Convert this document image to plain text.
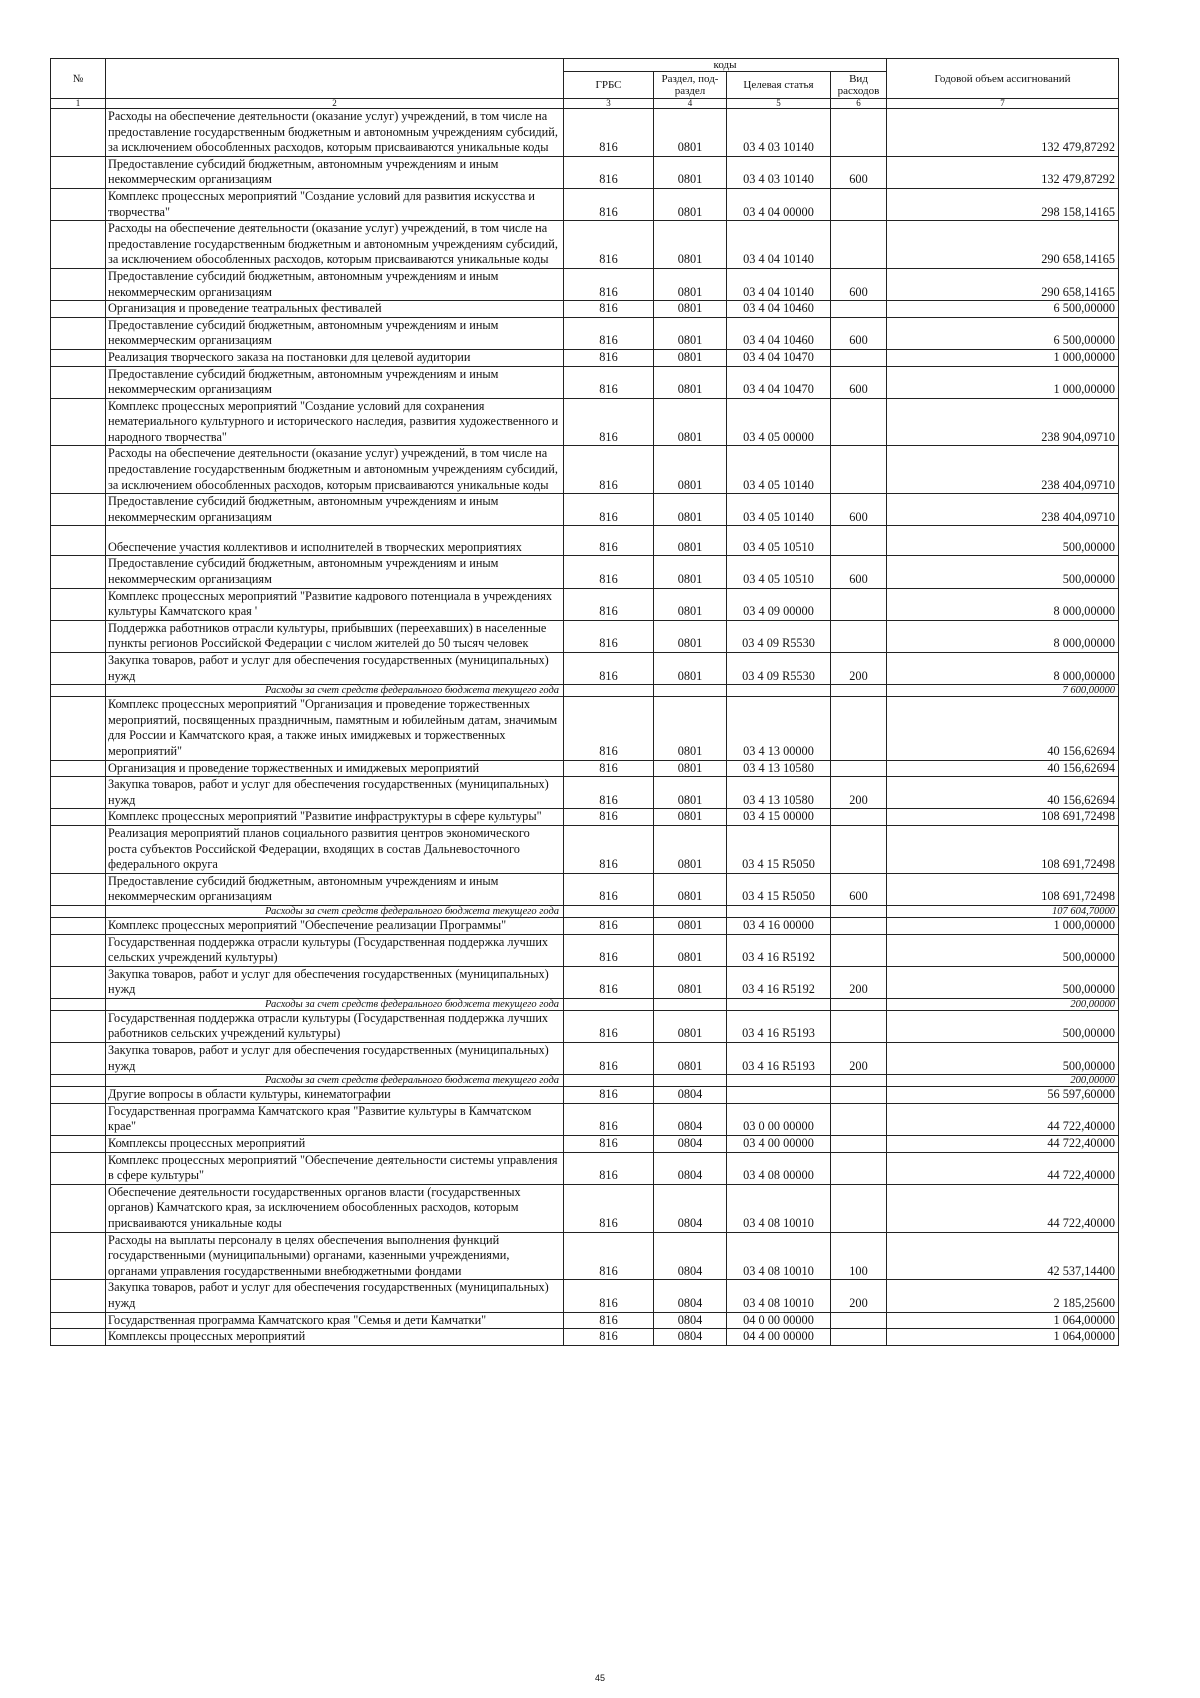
№		коды				Годовой объем ассигнований
		ГРБС	Раздел, под-раздел	Целевая статья	Вид расходов	
1	2	3	4	5	6	7
	Расходы на обеспечение деятельности (оказание услуг) учреждений, в том числе на предоставление государственным бюджетным и автономным учреждениям субсидий, за исключением обособленных расходов, которым присваиваются уникальные коды	816	0801	03 4 03 10140		132 479,87292
	Предоставление субсидий бюджетным, автономным учреждениям и иным некоммерческим организациям	816	0801	03 4 03 10140	600	132 479,87292
	Комплекс процессных мероприятий "Создание условий для развития искусства и творчества"	816	0801	03 4 04 00000		298 158,14165
	Расходы на обеспечение деятельности (оказание услуг) учреждений, в том числе на предоставление государственным бюджетным и автономным учреждениям субсидий, за исключением обособленных расходов, которым присваиваются уникальные коды	816	0801	03 4 04 10140		290 658,14165
	Предоставление субсидий бюджетным, автономным учреждениям и иным некоммерческим организациям	816	0801	03 4 04 10140	600	290 658,14165
	Организация и проведение театральных фестивалей	816	0801	03 4 04 10460		6 500,00000
	Предоставление субсидий бюджетным, автономным учреждениям и иным некоммерческим организациям	816	0801	03 4 04 10460	600	6 500,00000
	Реализация творческого заказа на постановки для целевой аудитории	816	0801	03 4 04 10470		1 000,00000
	Предоставление субсидий бюджетным, автономным учреждениям и иным некоммерческим организациям	816	0801	03 4 04 10470	600	1 000,00000
	Комплекс процессных мероприятий "Создание условий для сохранения нематериального культурного и исторического наследия, развития художественного и народного творчества"	816	0801	03 4 05 00000		238 904,09710
	Расходы на обеспечение деятельности (оказание услуг) учреждений, в том числе на предоставление государственным бюджетным и автономным учреждениям субсидий, за исключением обособленных расходов, которым присваиваются уникальные коды	816	0801	03 4 05 10140		238 404,09710
	Предоставление субсидий бюджетным, автономным учреждениям и иным некоммерческим организациям	816	0801	03 4 05 10140	600	238 404,09710
	Обеспечение участия коллективов и исполнителей в творческих мероприятиях	816	0801	03 4 05 10510		500,00000
	Предоставление субсидий бюджетным, автономным учреждениям и иным некоммерческим организациям	816	0801	03 4 05 10510	600	500,00000
	Комплекс процессных мероприятий "Развитие кадрового потенциала в учреждениях культуры Камчатского края '	816	0801	03 4 09 00000		8 000,00000
	Поддержка работников отрасли культуры, прибывших (переехавших) в населенные пункты регионов Российской Федерации с числом жителей до 50 тысяч человек	816	0801	03 4 09 R5530		8 000,00000
	Закупка товаров, работ и услуг для обеспечения государственных (муниципальных) нужд	816	0801	03 4 09 R5530	200	8 000,00000
	Расходы за счет средств федерального бюджета текущего года					7 600,00000
	Комплекс процессных мероприятий "Организация и проведение торжественных мероприятий, посвященных праздничным, памятным и юбилейным датам, значимым для России и Камчатского края, а также иных имиджевых и торжественных мероприятий"	816	0801	03 4 13 00000		40 156,62694
	Организация и проведение торжественных и имиджевых мероприятий	816	0801	03 4 13 10580		40 156,62694
	Закупка товаров, работ и услуг для обеспечения государственных (муниципальных) нужд	816	0801	03 4 13 10580	200	40 156,62694
	Комплекс процессных мероприятий "Развитие инфраструктуры в сфере культуры"	816	0801	03 4 15 00000		108 691,72498
	Реализация мероприятий планов социального развития центров экономического роста субъектов Российской Федерации, входящих в состав Дальневосточного федерального округа	816	0801	03 4 15 R5050		108 691,72498
	Предоставление субсидий бюджетным, автономным учреждениям и иным некоммерческим организациям	816	0801	03 4 15 R5050	600	108 691,72498
	Расходы за счет средств федерального бюджета текущего года					107 604,70000
	Комплекс процессных мероприятий "Обеспечение реализации Программы"	816	0801	03 4 16 00000		1 000,00000
	Государственная поддержка отрасли культуры (Государственная поддержка лучших сельских учреждений культуры)	816	0801	03 4 16 R5192		500,00000
	Закупка товаров, работ и услуг для обеспечения государственных (муниципальных) нужд	816	0801	03 4 16 R5192	200	500,00000
	Расходы за счет средств федерального бюджета текущего года					200,00000
	Государственная поддержка отрасли культуры (Государственная поддержка лучших работников сельских учреждений культуры)	816	0801	03 4 16 R5193		500,00000
	Закупка товаров, работ и услуг для обеспечения государственных (муниципальных) нужд	816	0801	03 4 16 R5193	200	500,00000
	Расходы за счет средств федерального бюджета текущего года					200,00000
	Другие вопросы в области культуры, кинематографии	816	0804			56 597,60000
	Государственная программа Камчатского края "Развитие культуры в Камчатском крае"	816	0804	03 0 00 00000		44 722,40000
	Комплексы процессных мероприятий	816	0804	03 4 00 00000		44 722,40000
	Комплекс процессных мероприятий "Обеспечение деятельности системы управления в сфере культуры"	816	0804	03 4 08 00000		44 722,40000
	Обеспечение деятельности государственных органов власти (государственных органов) Камчатского края, за исключением обособленных расходов, которым присваиваются уникальные коды	816	0804	03 4 08 10010		44 722,40000
	Расходы на выплаты персоналу в целях обеспечения выполнения функций государственными (муниципальными) органами, казенными учреждениями, органами управления государственными внебюджетными фондами	816	0804	03 4 08 10010	100	42 537,14400
	Закупка товаров, работ и услуг для обеспечения государственных (муниципальных) нужд	816	0804	03 4 08 10010	200	2 185,25600
	Государственная программа Камчатского края "Семья и дети Камчатки"	816	0804	04 0 00 00000		1 064,00000
	Комплексы процессных мероприятий	816	0804	04 4 00 00000		1 064,00000
45
